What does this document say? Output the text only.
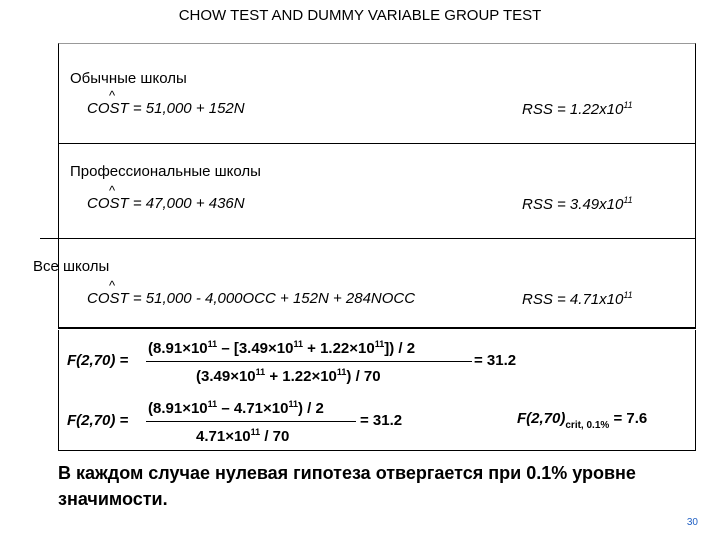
CHOW TEST AND DUMMY VARIABLE GROUP TEST
Обычные школы
^
COST = 51,000 + 152N	RSS = $1.22x10^{11}$
Профессиональные школы
^
COST = 47,000 + 436N	RSS = $3.49x10^{11}$
Все школы
^
COST = 51,000 - 4,000OCC + 152N + 284NOCC	RSS = $4.71x10^{11}$
F(2,70) =
$(8.91\times 10^{11} - [3.49\times 10^{11} + 1.22\times 10^{11}]) / 2$
$(3.49\times 10^{11} + 1.22\times 10^{11}) / 70$
= 31.2
F(2,70) =
$(8.91\times 10^{11} - 4.71\times 10^{11}) / 2$
$4.71\times 10^{11} / 70$
= 31.2	$F(2,70)_{crit, 0.1\%} = 7.6$
В каждом случае нулевая гипотеза отвергается при 0.1% уровне значимости.
30
